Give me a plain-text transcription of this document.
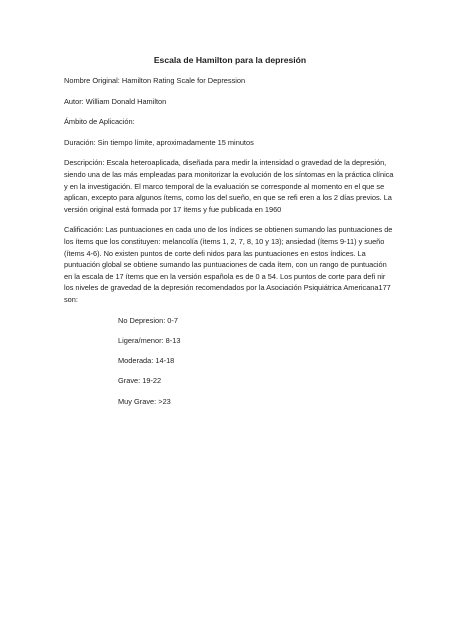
Escala de Hamilton para la depresión

Nombre Original: Hamilton Rating Scale for Depression

Autor: William Donald Hamilton

Ámbito de Aplicación:

Duración: Sin tiempo límite, aproximadamente 15 minutos

Descripción: Escala heteroaplicada, diseñada para medir la intensidad o gravedad de la depresión, siendo una de las más empleadas para monitorizar la evolución de los síntomas en la práctica clínica y en la investigación. El marco temporal de la evaluación se corresponde al momento en el que se aplican, excepto para algunos ítems, como los del sueño, en que se refi eren a los 2 días previos. La versión original está formada por 17 ítems y fue publicada en 1960

Calificación: Las puntuaciones en cada uno de los índices se obtienen sumando las puntuaciones de los ítems que los constituyen: melancolía (ítems 1, 2, 7, 8, 10 y 13); ansiedad (ítems 9-11) y sueño (ítems 4-6). No existen puntos de corte defi nidos para las puntuaciones en estos índices. La puntuación global se obtiene sumando las puntuaciones de cada ítem, con un rango de puntuación en la escala de 17 ítems que en la versión española es de 0 a 54. Los puntos de corte para defi nir los niveles de gravedad de la depresión recomendados por la Asociación Psiquiátrica Americana177 son:

No Depresion: 0-7
Ligera/menor: 8-13
Moderada: 14-18
Grave: 19-22
Muy Grave: >23
